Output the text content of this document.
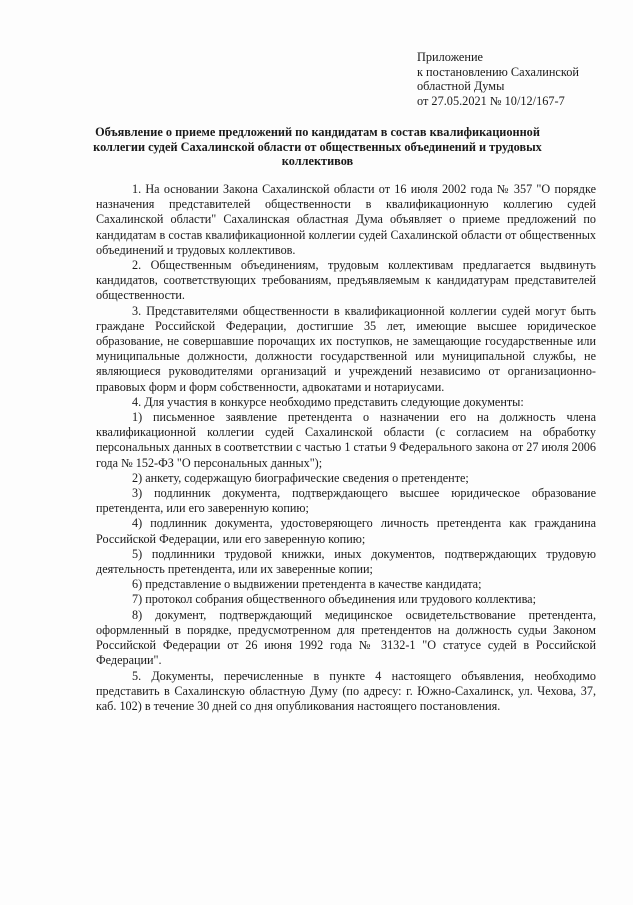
Приложение
к постановлению Сахалинской
областной Думы
от 27.05.2021 № 10/12/167-7
Объявление о приеме предложений по кандидатам в состав квалификационной коллегии судей Сахалинской области от общественных объединений и трудовых коллективов

1. На основании Закона Сахалинской области от 16 июля 2002 года № 357 "О порядке назначения представителей общественности в квалификационную коллегию судей Сахалинской области" Сахалинская областная Дума объявляет о приеме предложений по кандидатам в состав квалификационной коллегии судей Сахалинской области от общественных объединений и трудовых коллективов.

2. Общественным объединениям, трудовым коллективам предлагается выдвинуть кандидатов, соответствующих требованиям, предъявляемым к кандидатурам представителей общественности.

3. Представителями общественности в квалификационной коллегии судей могут быть граждане Российской Федерации, достигшие 35 лет, имеющие высшее юридическое образование, не совершавшие порочащих их поступков, не замещающие государственные или муниципальные должности, должности государственной или муниципальной службы, не являющиеся руководителями организаций и учреждений независимо от организационно-правовых форм и форм собственности, адвокатами и нотариусами.

4. Для участия в конкурсе необходимо представить следующие документы:

1) письменное заявление претендента о назначении его на должность члена квалификационной коллегии судей Сахалинской области (с согласием на обработку персональных данных в соответствии с частью 1 статьи 9 Федерального закона от 27 июля 2006 года № 152-ФЗ "О персональных данных");

2) анкету, содержащую биографические сведения о претенденте;

3) подлинник документа, подтверждающего высшее юридическое образование претендента, или его заверенную копию;

4) подлинник документа, удостоверяющего личность претендента как гражданина Российской Федерации, или его заверенную копию;

5) подлинники трудовой книжки, иных документов, подтверждающих трудовую деятельность претендента, или их заверенные копии;

6) представление о выдвижении претендента в качестве кандидата;

7) протокол собрания общественного объединения или трудового коллектива;

8) документ, подтверждающий медицинское освидетельствование претендента, оформленный в порядке, предусмотренном для претендентов на должность судьи Законом Российской Федерации от 26 июня 1992 года № 3132-1 "О статусе судей в Российской Федерации".

5. Документы, перечисленные в пункте 4 настоящего объявления, необходимо представить в Сахалинскую областную Думу (по адресу: г. Южно-Сахалинск, ул. Чехова, 37, каб. 102) в течение 30 дней со дня опубликования настоящего постановления.
